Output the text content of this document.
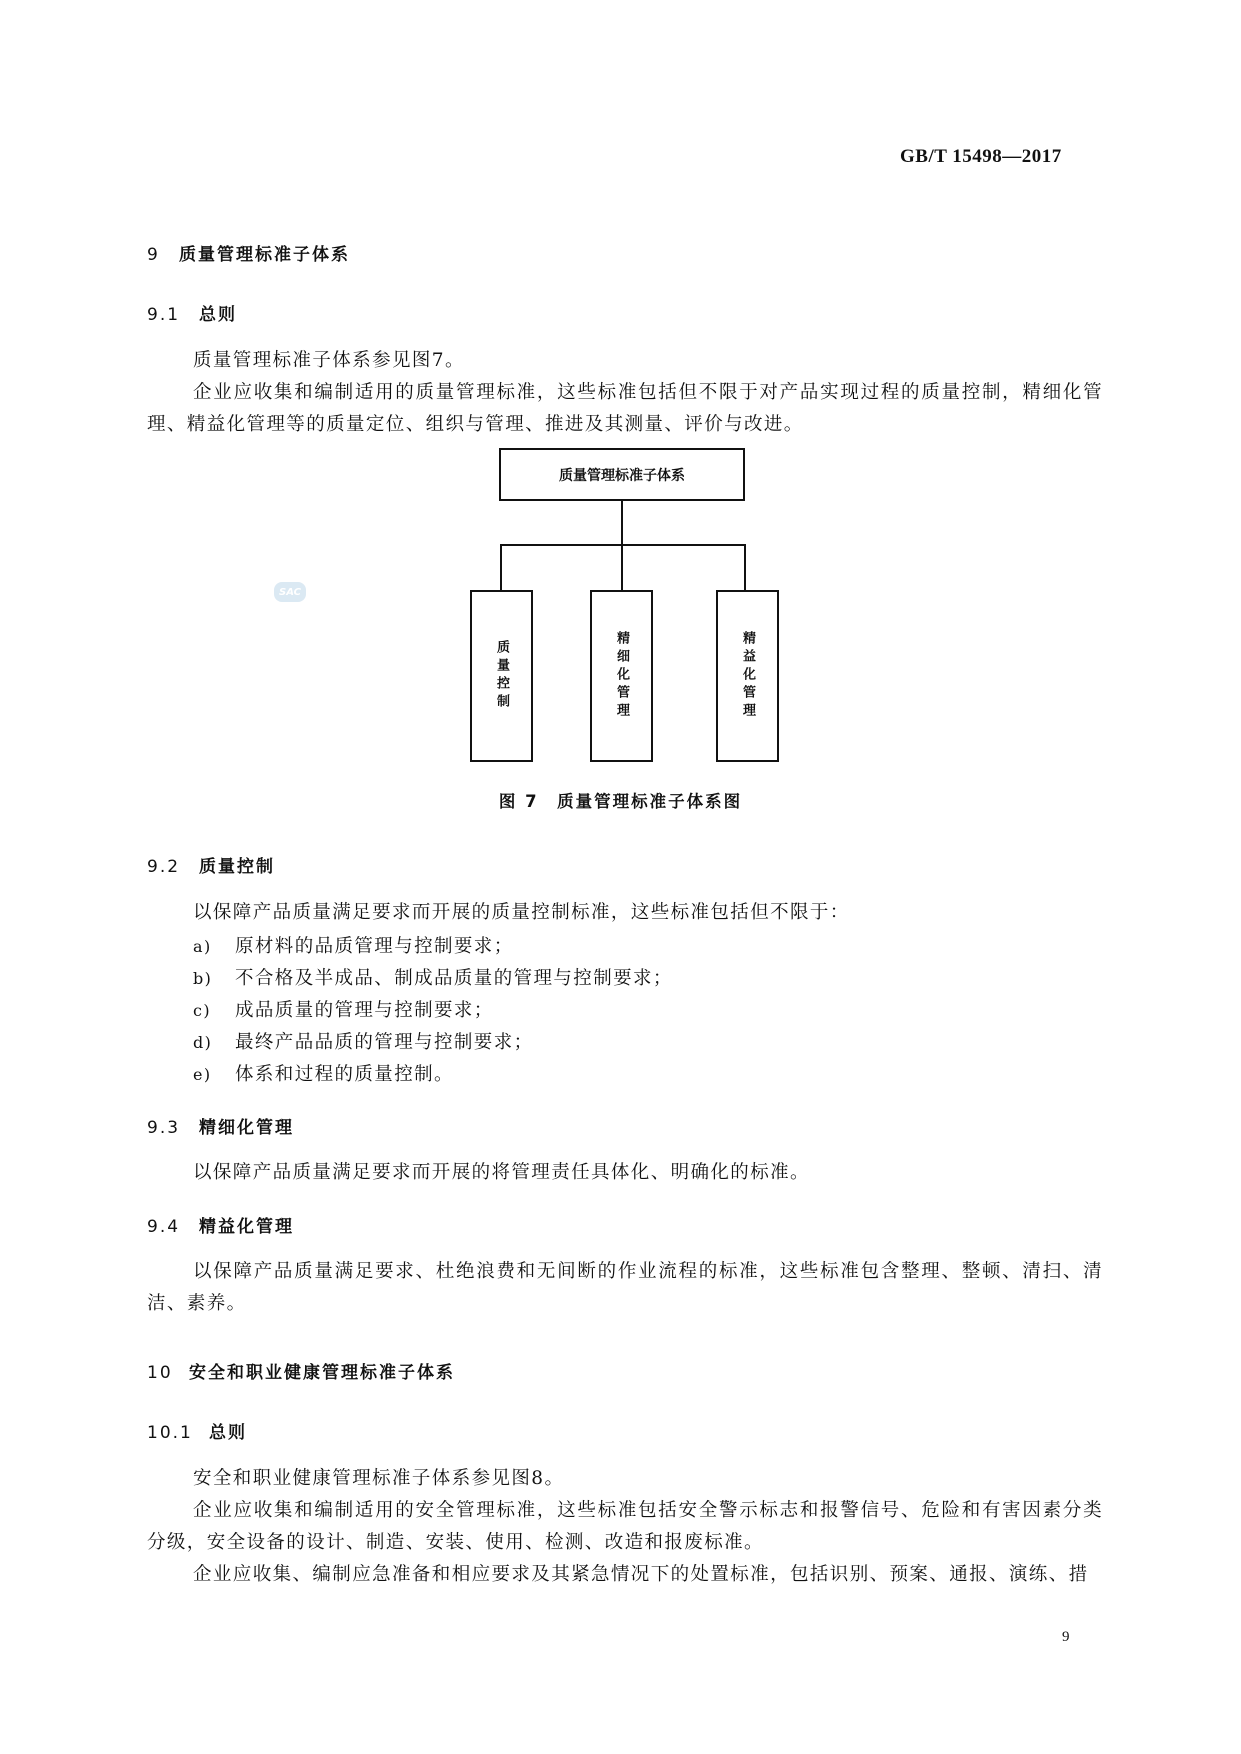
GB/T 15498—2017
9 质量管理标准子体系
9.1 总则
质量管理标准子体系参见图7。
企业应收集和编制适用的质量管理标准，这些标准包括但不限于对产品实现过程的质量控制，精细化管理、精益化管理等的质量定位、组织与管理、推进及其测量、评价与改进。
质量管理标准子体系
质量控制	精细化管理	精益化管理
SAC
图 7　质量管理标准子体系图
9.2 质量控制
以保障产品质量满足要求而开展的质量控制标准，这些标准包括但不限于：
a) 原材料的品质管理与控制要求；
b) 不合格及半成品、制成品质量的管理与控制要求；
c) 成品质量的管理与控制要求；
d) 最终产品品质的管理与控制要求；
e) 体系和过程的质量控制。
9.3 精细化管理
以保障产品质量满足要求而开展的将管理责任具体化、明确化的标准。
9.4 精益化管理
以保障产品质量满足要求、杜绝浪费和无间断的作业流程的标准，这些标准包含整理、整顿、清扫、清洁、素养。
10 安全和职业健康管理标准子体系
10.1 总则
安全和职业健康管理标准子体系参见图8。
企业应收集和编制适用的安全管理标准，这些标准包括安全警示标志和报警信号、危险和有害因素分类分级，安全设备的设计、制造、安装、使用、检测、改造和报废标准。
企业应收集、编制应急准备和相应要求及其紧急情况下的处置标准，包括识别、预案、通报、演练、措
9
